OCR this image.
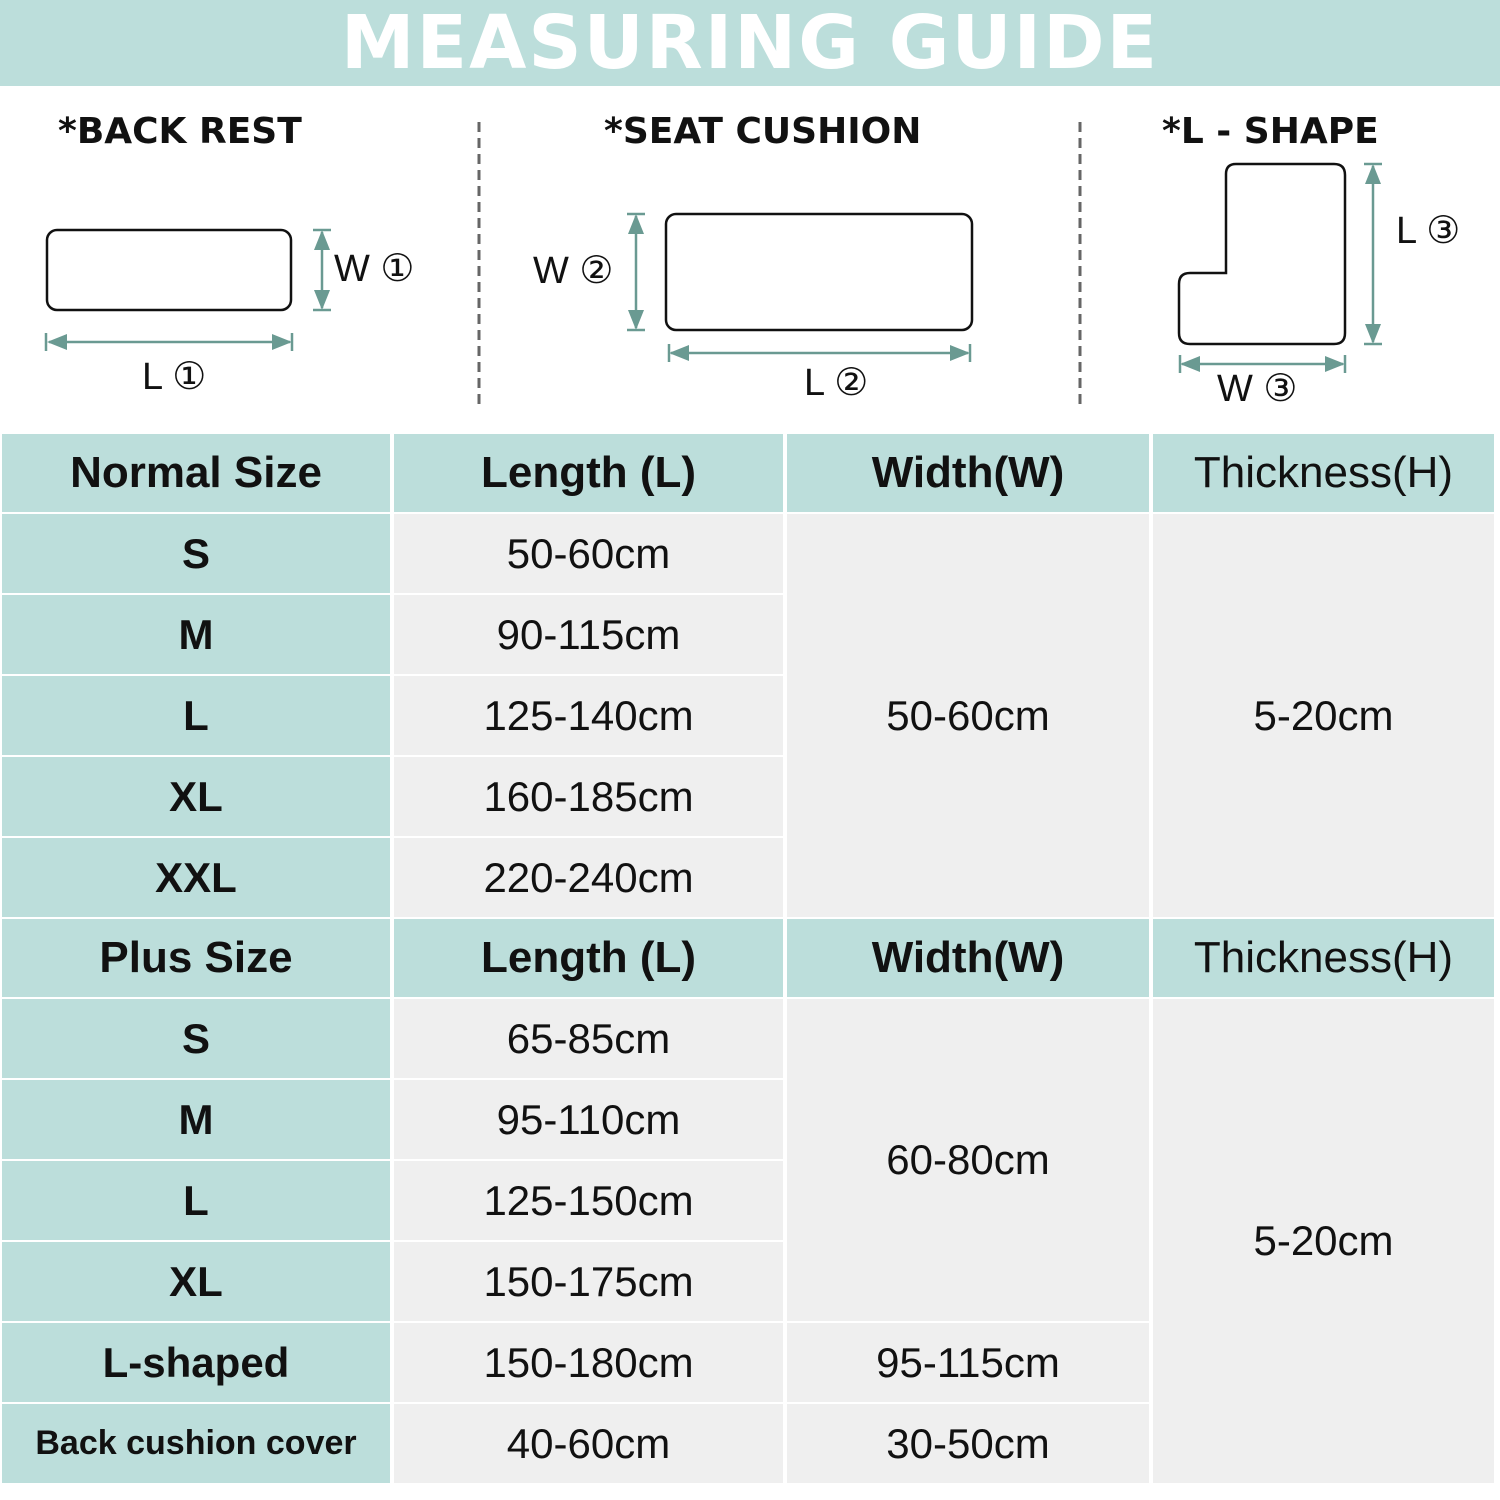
MEASURING GUIDE
*BACK REST
W ①
L ①
*SEAT CUSHION
W ②
L ②
*L - SHAPE
L ③
W ③
Normal Size	Length (L)	Width(W)	Thickness(H)
S	50-60cm	50-60cm	5-20cm
M	90-115cm		
L	125-140cm		
XL	160-185cm		
XXL	220-240cm		
Plus Size	Length (L)	Width(W)	Thickness(H)
S	65-85cm	60-80cm	5-20cm
M	95-110cm		
L	125-150cm		
XL	150-175cm		
L-shaped	150-180cm	95-115cm	
Back cushion cover	40-60cm	30-50cm	
